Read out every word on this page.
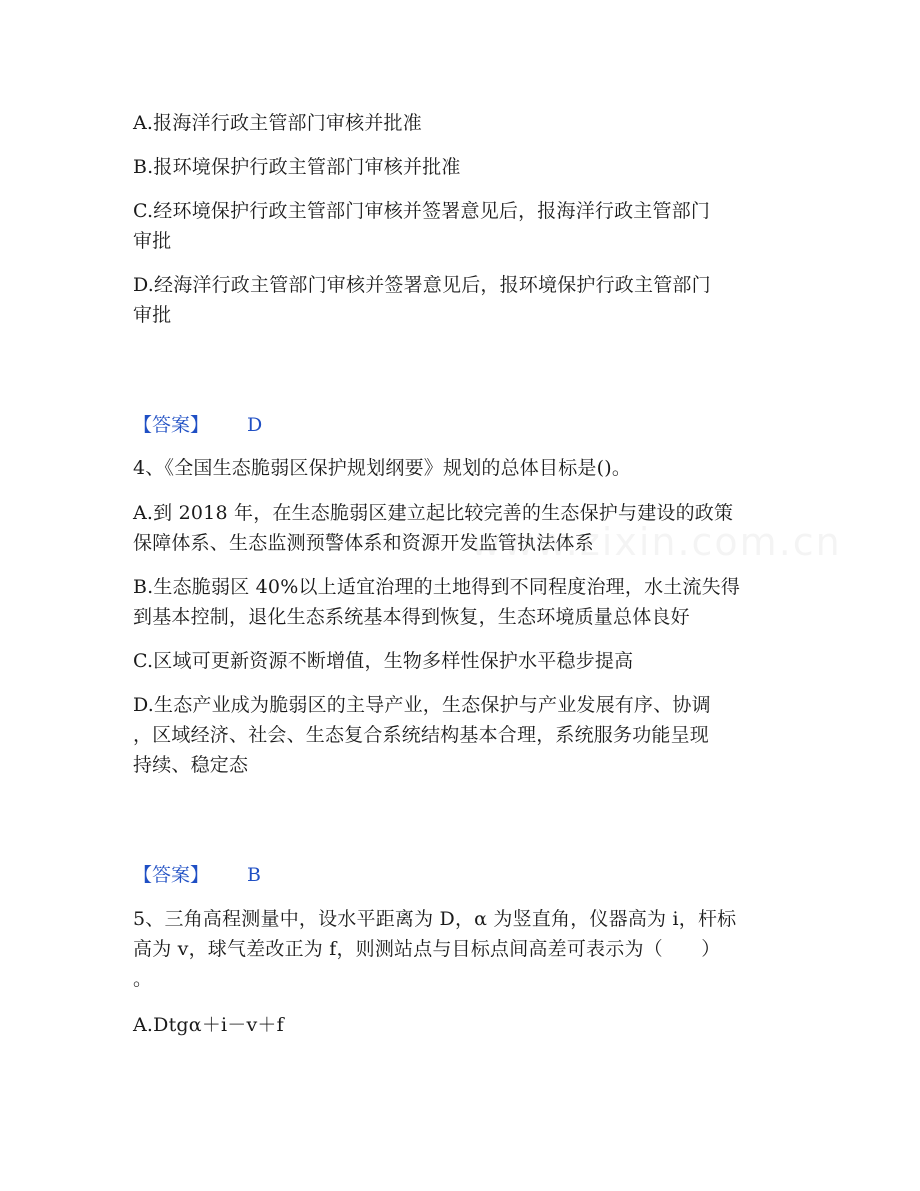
A.报海洋行政主管部门审核并批准
B.报环境保护行政主管部门审核并批准
C.经环境保护行政主管部门审核并签署意见后，报海洋行政主管部门
审批
D.经海洋行政主管部门审核并签署意见后，报环境保护行政主管部门
审批
【答案】 D
4、《全国生态脆弱区保护规划纲要》规划的总体目标是()。
A.到 2018 年，在生态脆弱区建立起比较完善的生态保护与建设的政策
保障体系、生态监测预警体系和资源开发监管执法体系
B.生态脆弱区 40%以上适宜治理的土地得到不同程度治理，水土流失得
到基本控制，退化生态系统基本得到恢复，生态环境质量总体良好
C.区域可更新资源不断增值，生物多样性保护水平稳步提高
D.生态产业成为脆弱区的主导产业，生态保护与产业发展有序、协调
，区域经济、社会、生态复合系统结构基本合理，系统服务功能呈现
持续、稳定态
【答案】 B
5、三角高程测量中，设水平距离为 D，α 为竖直角，仪器高为 i，杆标
高为 v，球气差改正为 f，则测站点与目标点间高差可表示为（　　）
。
A.Dtgα＋i－v＋f
